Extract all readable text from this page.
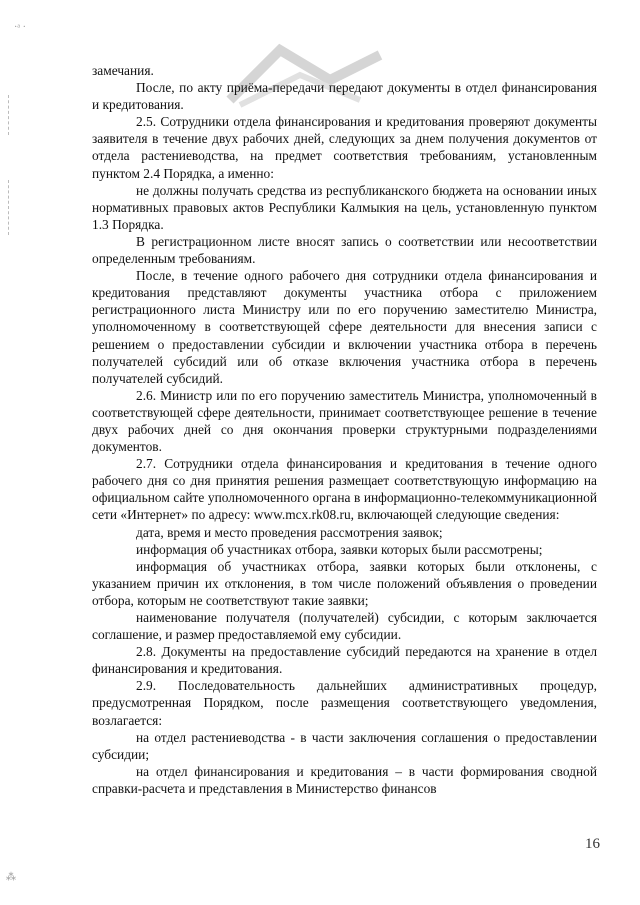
·ᵃ ·
⁂

замечания.

После, по акту приёма-передачи передают документы в отдел финансирования и кредитования.

2.5. Сотрудники отдела финансирования и кредитования проверяют документы заявителя в течение двух рабочих дней, следующих за днем получения документов от отдела растениеводства, на предмет соответствия требованиям, установленным пунктом 2.4 Порядка, а именно:

не должны получать средства из республиканского бюджета на основании иных нормативных правовых актов Республики Калмыкия на цель, установленную пунктом 1.3 Порядка.

В регистрационном листе вносят запись о соответствии или несоответствии определенным требованиям.

После, в течение одного рабочего дня сотрудники отдела финансирования и кредитования представляют документы участника отбора с приложением регистрационного листа Министру или по его поручению заместителю Министра, уполномоченному в соответствующей сфере деятельности для внесения записи с решением о предоставлении субсидии и включении участника отбора в перечень получателей субсидий или об отказе включения участника отбора в перечень получателей субсидий.

2.6. Министр или по его поручению заместитель Министра, уполномоченный в соответствующей сфере деятельности, принимает соответствующее решение в течение двух рабочих дней со дня окончания проверки структурными подразделениями документов.

2.7. Сотрудники отдела финансирования и кредитования в течение одного рабочего дня со дня принятия решения размещает соответствующую информацию на официальном сайте уполномоченного органа в информационно-телекоммуникационной сети «Интернет» по адресу: www.mcx.rk08.ru, включающей следующие сведения:

дата, время и место проведения рассмотрения заявок;

информация об участниках отбора, заявки которых были рассмотрены;

информация об участниках отбора, заявки которых были отклонены, с указанием причин их отклонения, в том числе положений объявления о проведении отбора, которым не соответствуют такие заявки;

наименование получателя (получателей) субсидии, с которым заключается соглашение, и размер предоставляемой ему субсидии.

2.8. Документы на предоставление субсидий передаются на хранение в отдел финансирования и кредитования.

2.9. Последовательность дальнейших административных процедур, предусмотренная Порядком, после размещения соответствующего уведомления, возлагается:

на отдел растениеводства - в части заключения соглашения о предоставлении субсидии;

на отдел финансирования и кредитования – в части формирования сводной справки-расчета и представления в Министерство финансов

16
